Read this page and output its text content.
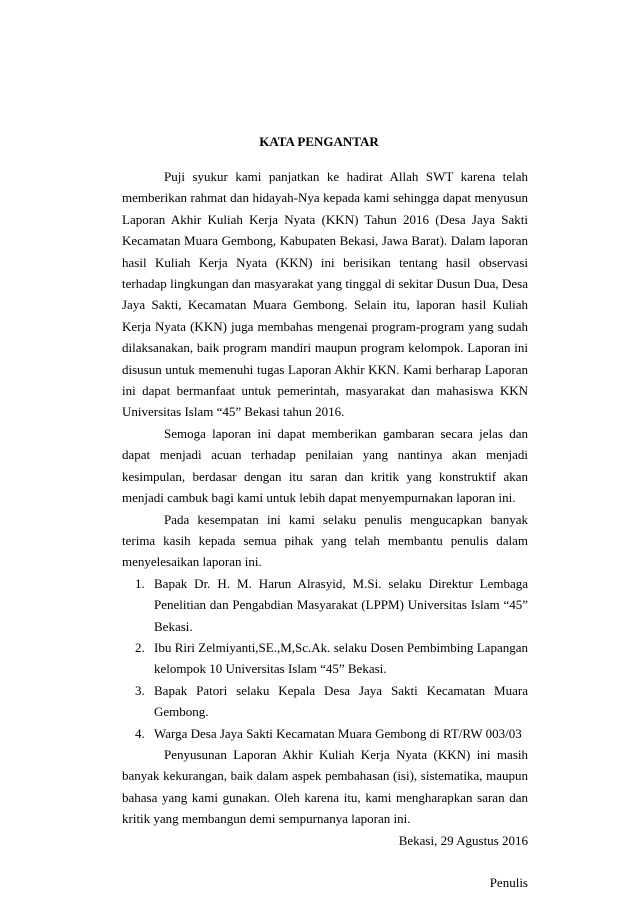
KATA PENGANTAR

Puji syukur kami panjatkan ke hadirat Allah SWT karena telah memberikan rahmat dan hidayah-Nya kepada kami sehingga dapat menyusun Laporan Akhir Kuliah Kerja Nyata (KKN) Tahun 2016 (Desa Jaya Sakti Kecamatan Muara Gembong, Kabupaten Bekasi, Jawa Barat). Dalam laporan hasil Kuliah Kerja Nyata (KKN) ini berisikan tentang hasil observasi terhadap lingkungan dan masyarakat yang tinggal di sekitar Dusun Dua, Desa Jaya Sakti, Kecamatan Muara Gembong. Selain itu, laporan hasil Kuliah Kerja Nyata (KKN) juga membahas mengenai program-program yang sudah dilaksanakan, baik program mandiri maupun program kelompok. Laporan ini disusun untuk memenuhi tugas Laporan Akhir KKN. Kami berharap Laporan ini dapat bermanfaat untuk pemerintah, masyarakat dan mahasiswa KKN Universitas Islam “45” Bekasi tahun 2016.

Semoga laporan ini dapat memberikan gambaran secara jelas dan dapat menjadi acuan terhadap penilaian yang nantinya akan menjadi kesimpulan, berdasar dengan itu saran dan kritik yang konstruktif akan menjadi cambuk bagi kami untuk lebih dapat menyempurnakan laporan ini.

Pada kesempatan ini kami selaku penulis mengucapkan banyak terima kasih kepada semua pihak yang telah membantu penulis dalam menyelesaikan laporan ini.

1. Bapak Dr. H. M. Harun Alrasyid, M.Si. selaku Direktur Lembaga Penelitian dan Pengabdian Masyarakat (LPPM) Universitas Islam “45” Bekasi.
2. Ibu Riri Zelmiyanti,SE.,M,Sc.Ak. selaku Dosen Pembimbing Lapangan kelompok 10 Universitas Islam “45” Bekasi.
3. Bapak Patori selaku Kepala Desa Jaya Sakti Kecamatan Muara Gembong.
4. Warga Desa Jaya Sakti Kecamatan Muara Gembong di RT/RW 003/03

Penyusunan Laporan Akhir Kuliah Kerja Nyata (KKN) ini masih banyak kekurangan, baik dalam aspek pembahasan (isi), sistematika, maupun bahasa yang kami gunakan. Oleh karena itu, kami mengharapkan saran dan kritik yang membangun demi sempurnanya laporan ini.

Bekasi, 29 Agustus 2016

Penulis
